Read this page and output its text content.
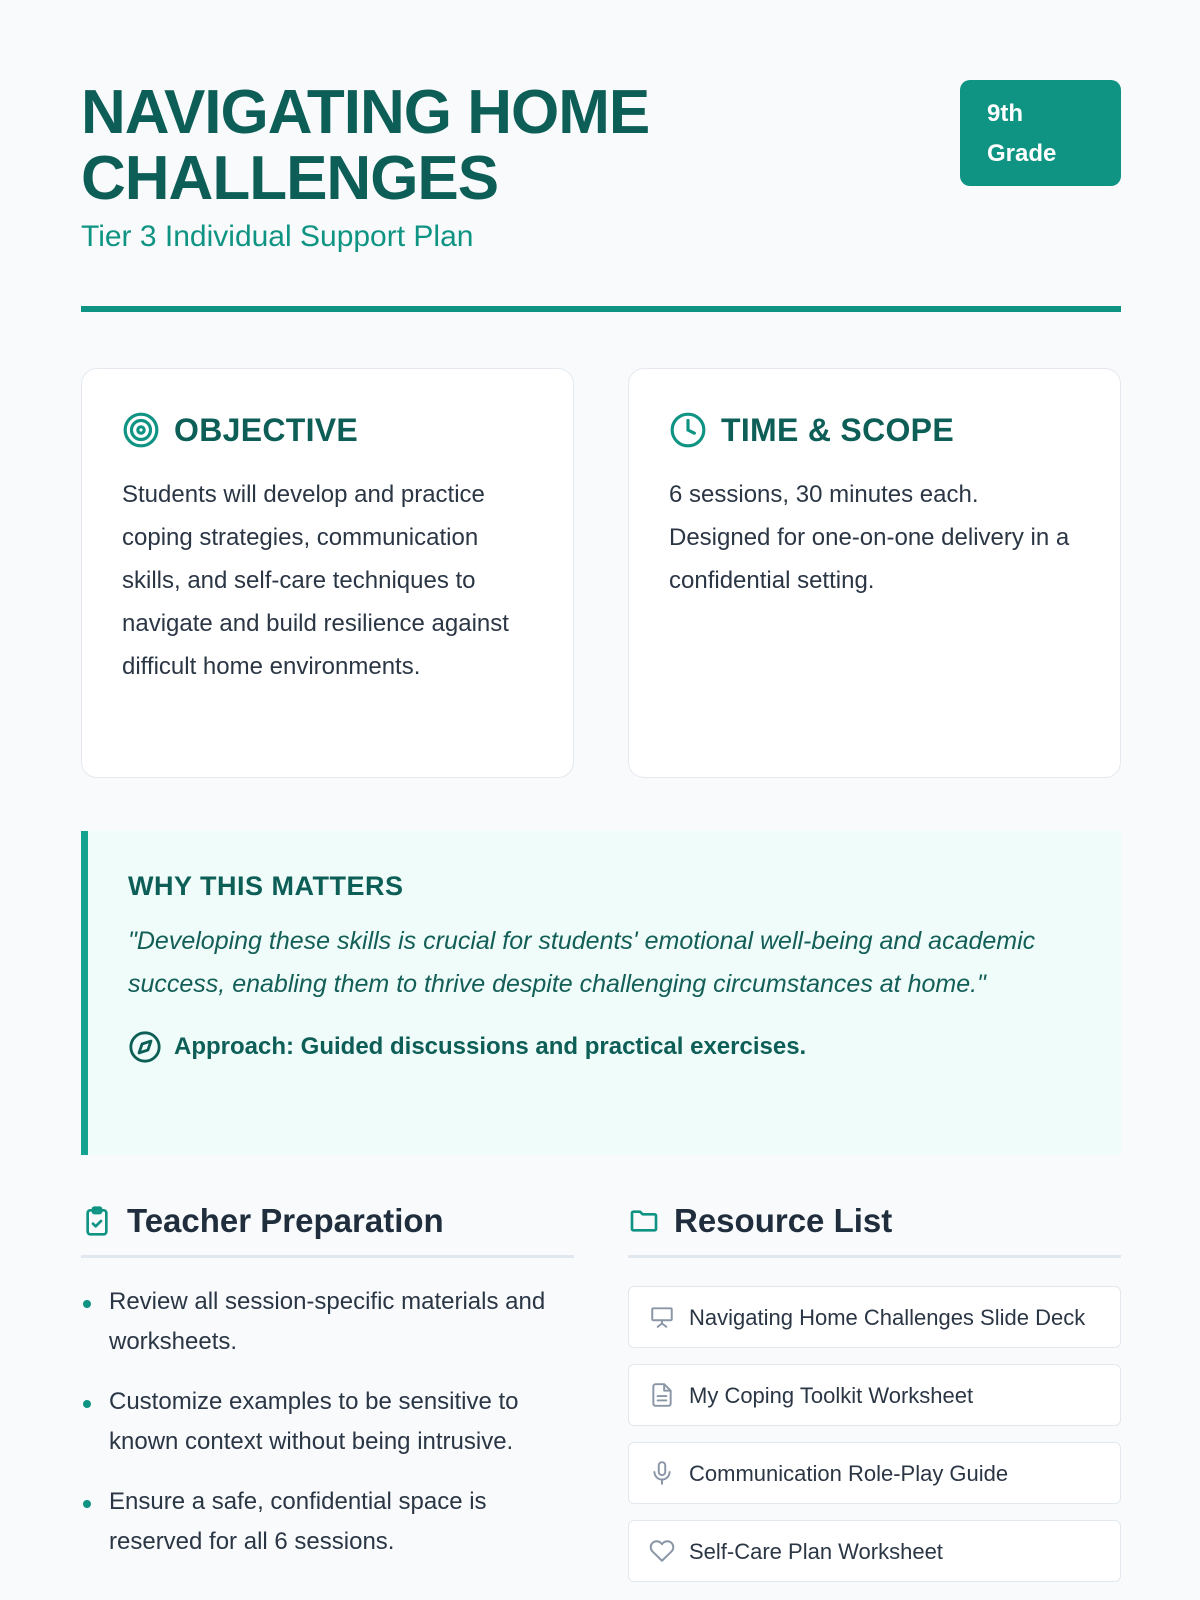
NAVIGATING HOME CHALLENGES
Tier 3 Individual Support Plan
9th Grade
OBJECTIVE

Students will develop and practice coping strategies, communication skills, and self-care techniques to navigate and build resilience against difficult home environments.

TIME & SCOPE

6 sessions, 30 minutes each. Designed for one-on-one delivery in a confidential setting.

WHY THIS MATTERS

"Developing these skills is crucial for students' emotional well-being and academic success, enabling them to thrive despite challenging circumstances at home."

Approach: Guided discussions and practical exercises.
Teacher Preparation
Review all session-specific materials and worksheets.
Customize examples to be sensitive to known context without being intrusive.
Ensure a safe, confidential space is reserved for all 6 sessions.
Resource List
Navigating Home Challenges Slide Deck
My Coping Toolkit Worksheet
Communication Role-Play Guide
Self-Care Plan Worksheet
